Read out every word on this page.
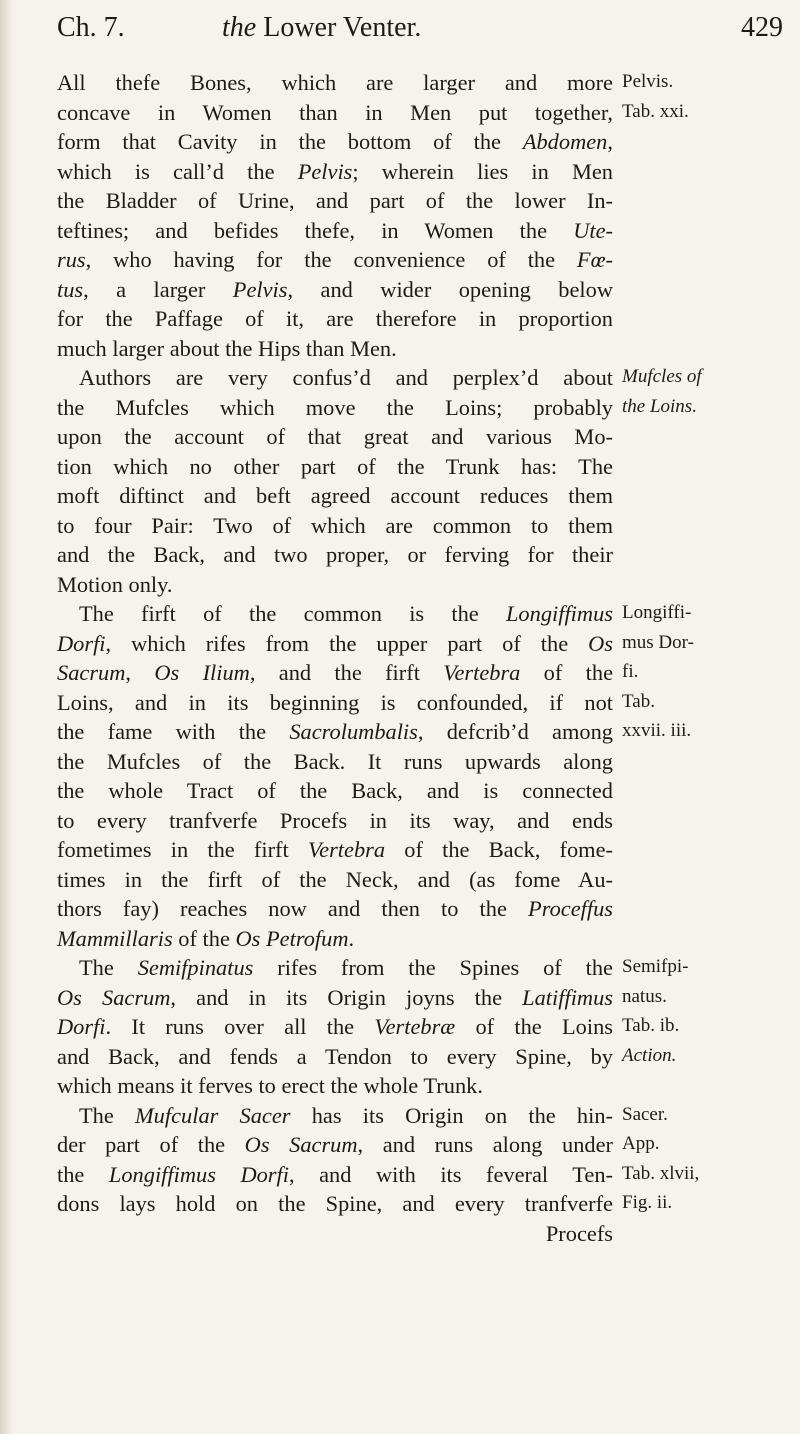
Ch. 7.	the Lower Venter.	429
All thefe Bones, which are larger and more
concave in Women than in Men put together,
form that Cavity in the bottom of the Abdomen,
which is call’d the Pelvis; wherein lies in Men
the Bladder of Urine, and part of the lower In-
teftines; and befides thefe, in Women the Ute-
rus, who having for the convenience of the Fœ-
tus, a larger Pelvis, and wider opening below
for the Paffage of it, are therefore in proportion
much larger about the Hips than Men.
Authors are very confus’d and perplex’d about
the Mufcles which move the Loins; probably
upon the account of that great and various Mo-
tion which no other part of the Trunk has: The
moft diftinct and beft agreed account reduces them
to four Pair: Two of which are common to them
and the Back, and two proper, or ferving for their
Motion only.
The firft of the common is the Longiffimus
Dorfi, which rifes from the upper part of the Os
Sacrum, Os Ilium, and the firft Vertebra of the
Loins, and in its beginning is confounded, if not
the fame with the Sacrolumbalis, defcrib’d among
the Mufcles of the Back. It runs upwards along
the whole Tract of the Back, and is connected
to every tranfverfe Procefs in its way, and ends
fometimes in the firft Vertebra of the Back, fome-
times in the firft of the Neck, and (as fome Au-
thors fay) reaches now and then to the Proceffus
Mammillaris of the Os Petrofum.
The Semifpinatus rifes from the Spines of the
Os Sacrum, and in its Origin joyns the Latiffimus
Dorfi. It runs over all the Vertebræ of the Loins
and Back, and fends a Tendon to every Spine, by
which means it ferves to erect the whole Trunk.
The Mufcular Sacer has its Origin on the hin-
der part of the Os Sacrum, and runs along under
the Longiffimus Dorfi, and with its feveral Ten-
dons lays hold on the Spine, and every tranfverfe
Procefs
Pelvis.
Tab. xxi.
Mufcles of
the Loins.
Longiffi-
mus Dor-
fi.
Tab.
xxvii. iii.
Semifpi-
natus.
Tab. ib.
Action.
Sacer.
App.
Tab. xlvii,
Fig. ii.
